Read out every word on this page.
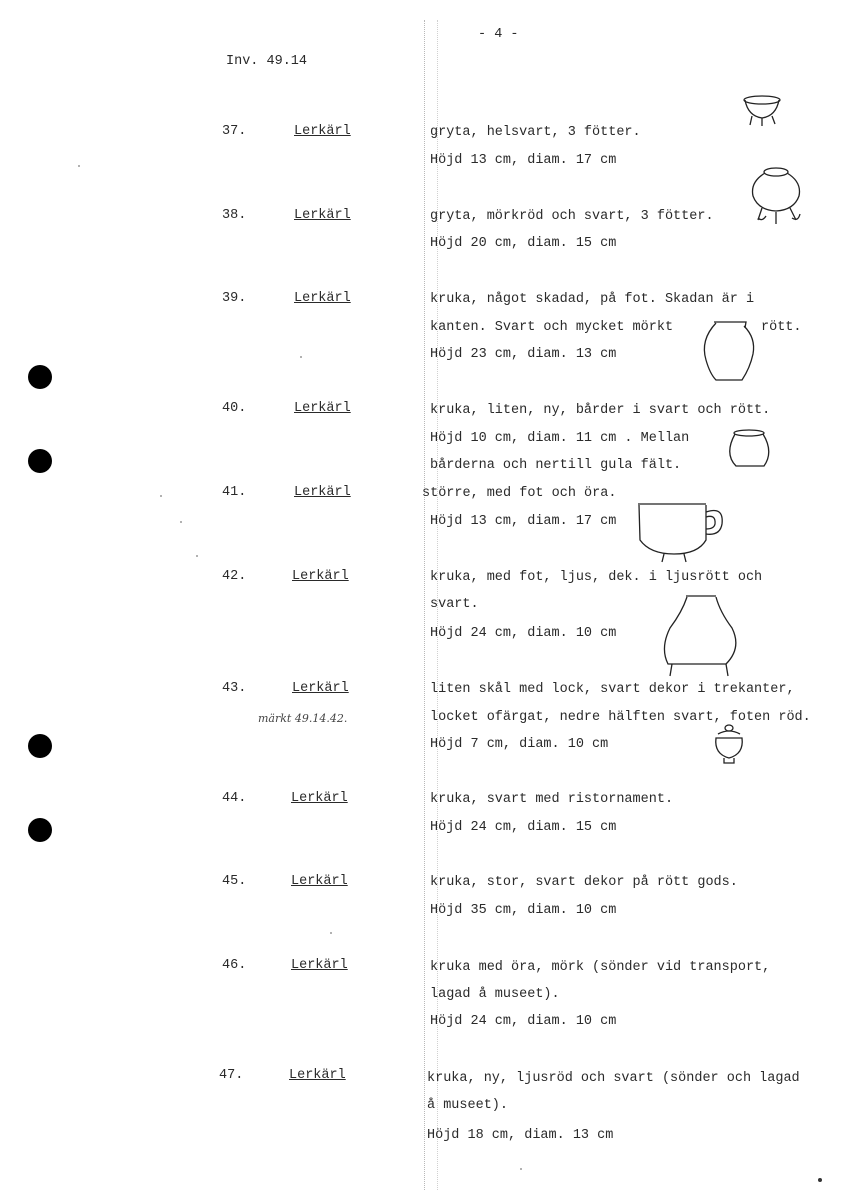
- 4 -
Inv. 49.14
37.	Lerkärl	gryta, helsvart, 3 fötter.
Höjd 13 cm, diam. 17 cm
38.	Lerkärl	gryta, mörkröd och svart, 3 fötter.
Höjd 20 cm, diam. 15 cm
39.	Lerkärl	kruka, något skadad, på fot. Skadan är i
kanten. Svart och mycket mörkt	rött.
Höjd 23 cm, diam. 13 cm
40.	Lerkärl	kruka, liten, ny, bårder i svart och rött.
Höjd 10 cm, diam. 11 cm . Mellan
bårderna och nertill gula fält.
41.	Lerkärl	större, med fot och öra.
Höjd 13 cm, diam. 17 cm
42.	Lerkärl	kruka, med fot, ljus, dek. i ljusrött och
svart.
Höjd 24 cm, diam. 10 cm
43.	Lerkärl
märkt 49.14.42.
liten skål med lock, svart dekor i trekanter,
locket ofärgat, nedre hälften svart, foten röd.
Höjd 7 cm, diam. 10 cm
44.	Lerkärl	kruka, svart med ristornament.
Höjd 24 cm, diam. 15 cm
45.	Lerkärl	kruka, stor, svart dekor på rött gods.
Höjd 35 cm, diam. 10 cm
46.	Lerkärl	kruka med öra, mörk (sönder vid transport,
lagad å museet).
Höjd 24 cm, diam. 10 cm
47.	Lerkärl	kruka, ny, ljusröd och svart (sönder och lagad
å museet).
Höjd 18 cm, diam. 13 cm
